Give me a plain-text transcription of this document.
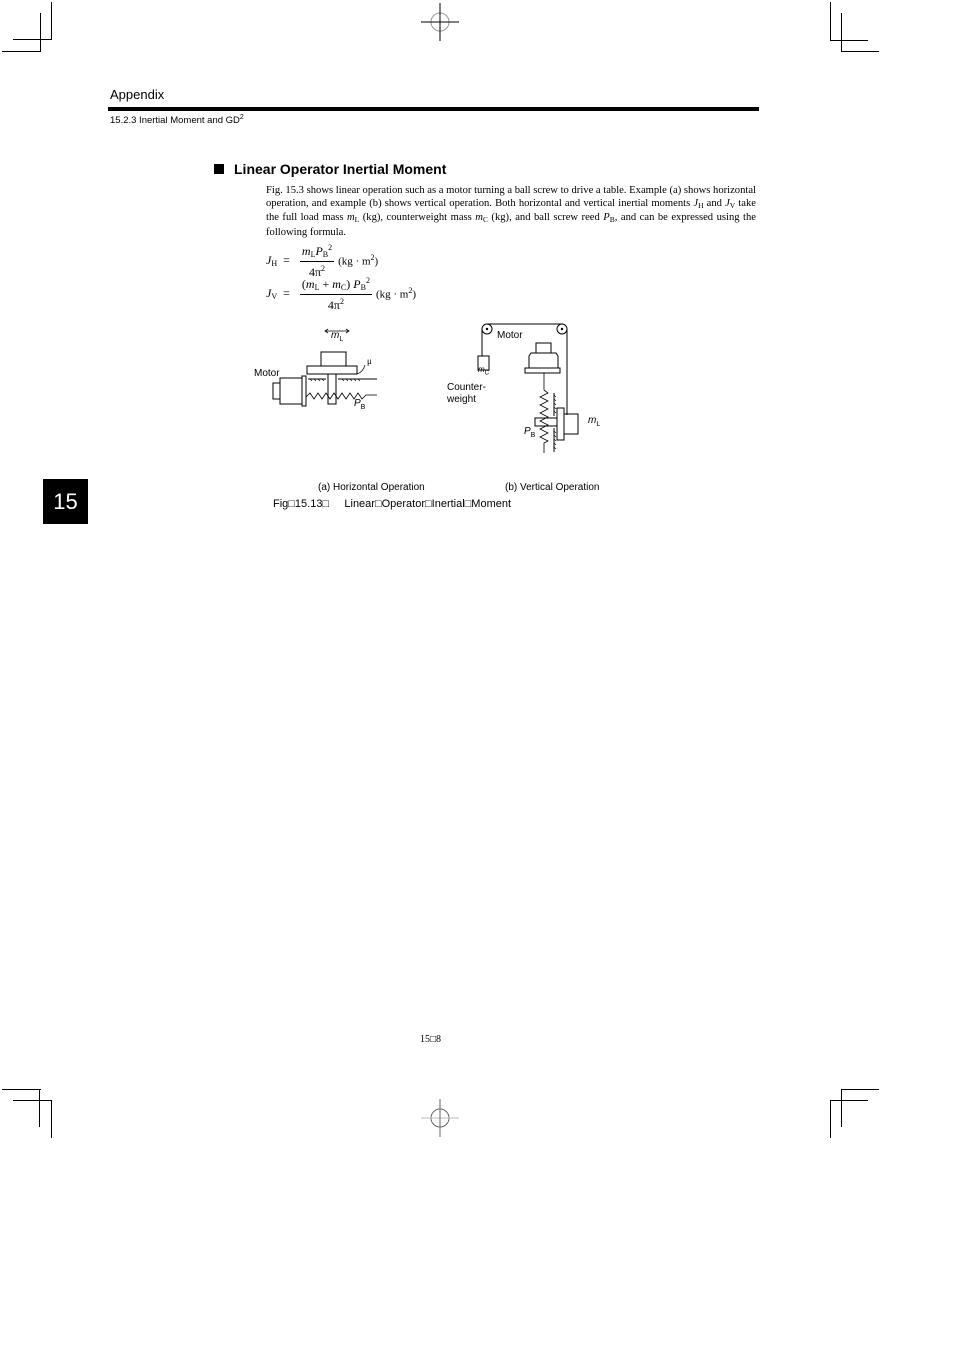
Appendix
15.2.3 Inertial Moment and $GD^2$
Linear Operator Inertial Moment
Fig. 15.3 shows linear operation such as a motor turning a ball screw to drive a table. Example (a) shows horizontal operation, and example (b) shows vertical operation. Both horizontal and vertical inertial moments $J_H$ and $J_V$ take the full load mass $m_L$ (kg), counterweight mass $m_C$ (kg), and ball screw reed $P_B$, and can be expressed using the following formula.
$J_H = \frac{m_LP_B^2}{4\pi^2} (kg \cdot m^2)$
$J_V = \frac{(m_L + m_C) P_B^2}{4\pi^2} (kg \cdot m^2)$
Motor
$m_L$
μ
$P_B$
Motor
$m_C$
Counter-
weight
$m_L$
$P_B$
(a) Horizontal Operation	(b) Vertical Operation
Fig□15.13□     Linear□Operator□Inertial□Moment
15
15□8
